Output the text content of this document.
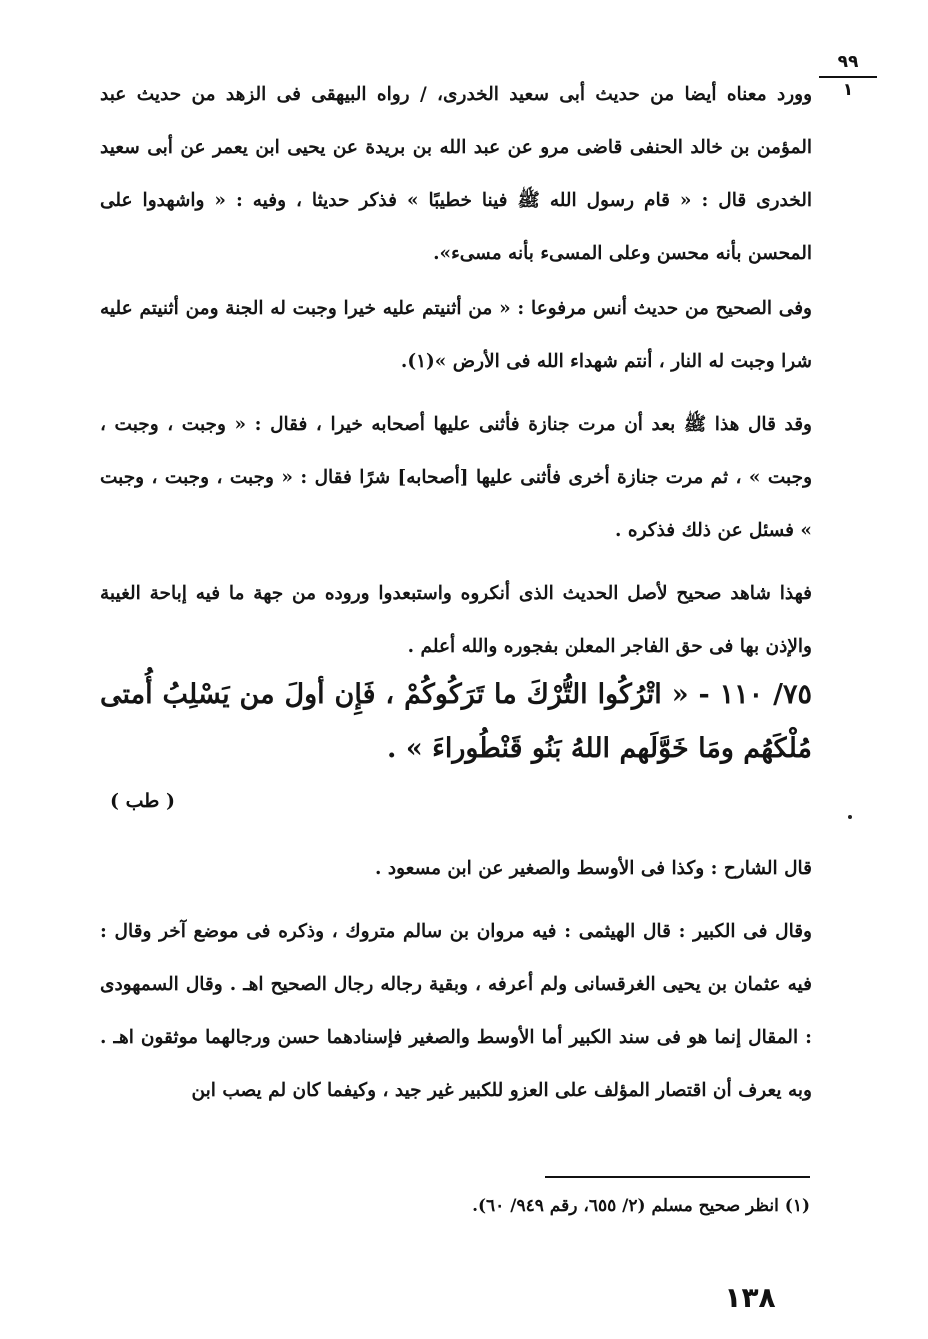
٩٩
١

وورد معناه أيضا من حديث أبى سعيد الخدرى، / رواه البيهقى فى الزهد من حديث عبد المؤمن بن خالد الحنفى قاضى مرو عن عبد الله بن بريدة عن يحيى ابن يعمر عن أبى سعيد الخدرى قال : « قام رسول الله ﷺ فينا خطيبًا » فذكر حديثا ، وفيه : « واشهدوا على المحسن بأنه محسن وعلى المسىء بأنه مسىء».

وفى الصحيح من حديث أنس مرفوعا : « من أثنيتم عليه خيرا وجبت له الجنة ومن أثنيتم عليه شرا وجبت له النار ، أنتم شهداء الله فى الأرض »(١).

وقد قال هذا ﷺ بعد أن مرت جنازة فأثنى عليها أصحابه خيرا ، فقال : « وجبت ، وجبت ، وجبت » ، ثم مرت جنازة أخرى فأثنى عليها [أصحابه] شرًا فقال : « وجبت ، وجبت ، وجبت » فسئل عن ذلك فذكره .

فهذا شاهد صحيح لأصل الحديث الذى أنكروه واستبعدوا وروده من جهة ما فيه إباحة الغيبة والإذن بها فى حق الفاجر المعلن بفجوره والله أعلم .

٧٥/ ١١٠ - « اتْرُكُوا التُّرْكَ ما تَرَكُوكُمْ ، فَإِن أولَ من يَسْلِبُ أُمتى مُلْكَهُم ومَا خَوَّلَهم اللهُ بَنُو قَنْطُوراءَ » .

( طب )

قال الشارح : وكذا فى الأوسط والصغير عن ابن مسعود .

وقال فى الكبير : قال الهيثمى : فيه مروان بن سالم متروك ، وذكره فى موضع آخر وقال : فيه عثمان بن يحيى الغرقسانى ولم أعرفه ، وبقية رجاله رجال الصحيح اهـ . وقال السمهودى : المقال إنما هو فى سند الكبير أما الأوسط والصغير فإسنادهما حسن ورجالهما موثقون اهـ . وبه يعرف أن اقتصار المؤلف على العزو للكبير غير جيد ، وكيفما كان لم يصب ابن

(١) انظر صحيح مسلم (٢/ ٦٥٥، رقم ٩٤٩/ ٦٠).
١٣٨
